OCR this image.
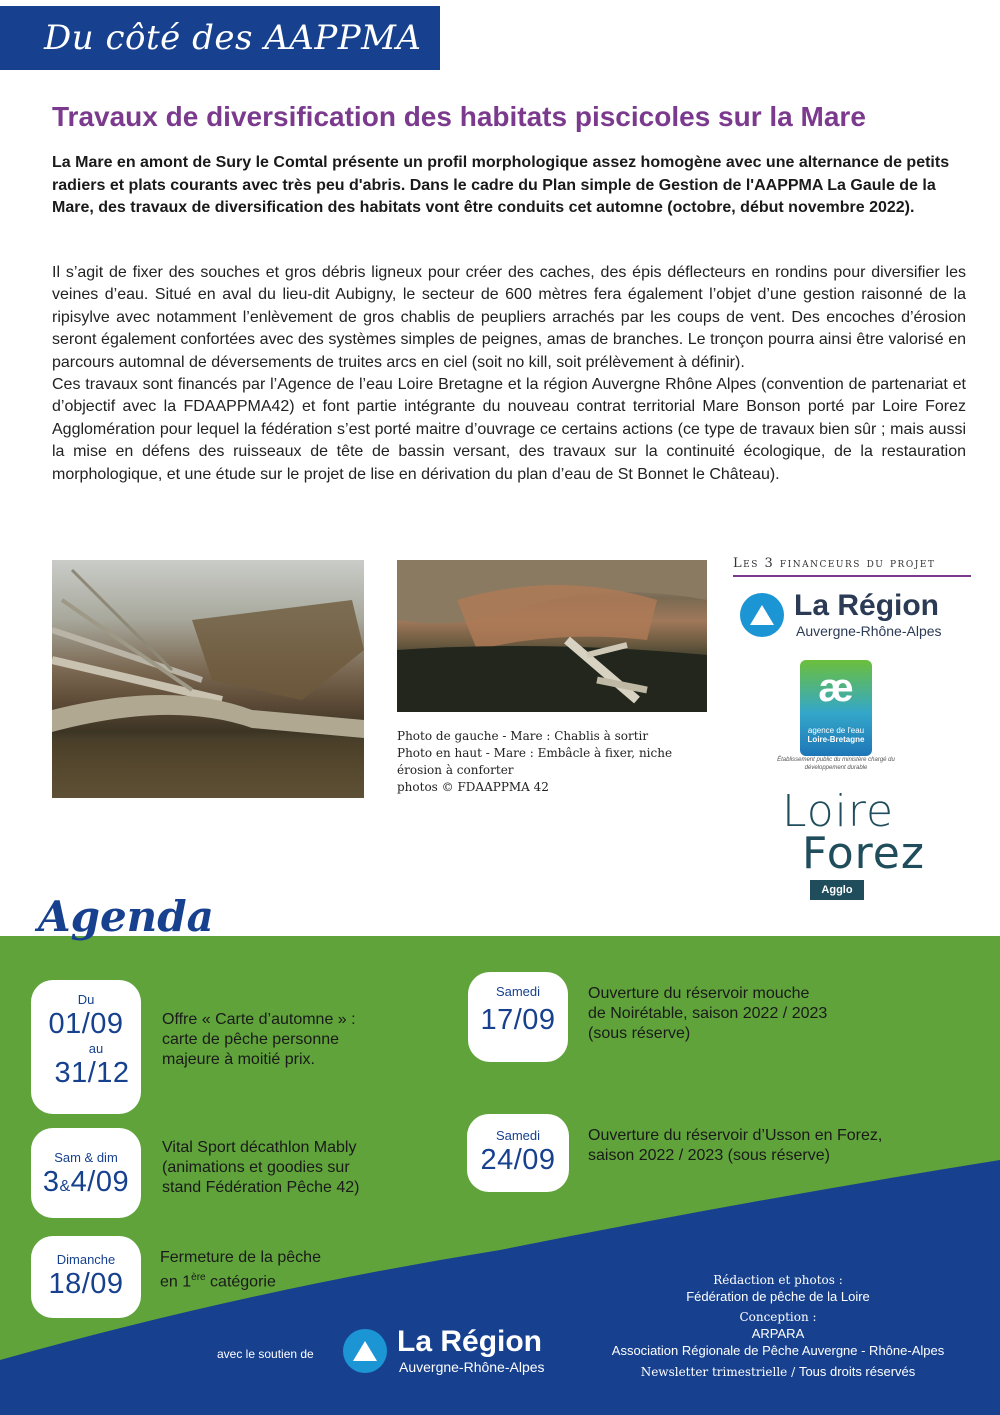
Du côté des AAPPMA
Travaux de diversification des habitats piscicoles sur la Mare

La Mare en amont de Sury le Comtal présente un profil morphologique assez homogène avec une alternance de petits radiers et plats courants avec très peu d'abris. Dans le cadre du Plan simple de Gestion de l'AAPPMA La Gaule de la Mare, des travaux de diversification des habitats vont être conduits cet automne (octobre, début novembre 2022).

Il s’agit de fixer des souches et gros débris ligneux pour créer des caches, des épis déflecteurs en rondins pour diversifier les veines d’eau. Situé en aval du lieu-dit Aubigny, le secteur de 600 mètres fera également l’objet d’une gestion raisonné de la ripisylve avec notamment l’enlèvement de gros chablis de peupliers arrachés par les coups de vent. Des encoches d’érosion seront également confortées avec des systèmes simples de peignes, amas de branches. Le tronçon pourra ainsi être valorisé en parcours automnal de déversements de truites arcs en ciel (soit no kill, soit prélèvement à définir).

Ces travaux sont financés par l’Agence de l’eau Loire Bretagne et la région Auvergne Rhône Alpes (convention de partenariat et d’objectif avec la FDAAPPMA42) et font partie intégrante du nouveau contrat territorial Mare Bonson porté par Loire Forez Agglomération pour lequel la fédération s’est porté maitre d’ouvrage ce certains actions (ce type de travaux bien sûr ; mais aussi la mise en défens des ruisseaux de tête de bassin versant, des travaux sur la continuité écologique, de la restauration morphologique, et une étude sur le projet de lise en dérivation du plan d’eau de St Bonnet le Château).

Photo de gauche - Mare : Chablis à sortir
Photo en haut - Mare : Embâcle à fixer, niche érosion à conforter
photos © FDAAPPMA 42
Les 3 financeurs du projet
La Région
Auvergne-Rhône-Alpes
æ
agence de l'eau
Loire-Bretagne
Établissement public du ministère chargé du développement durable
Loire
Forez
Agglo
Agenda
Du
01/09
au
31/12
Offre « Carte d’automne » :
carte de pêche personne
majeure à moitié prix.
Sam & dim
3&4/09
Vital Sport décathlon Mably
(animations et goodies sur
stand Fédération Pêche 42)
Dimanche
18/09
Fermeture de la pêche
en 1ère catégorie
Samedi
17/09
Ouverture du réservoir mouche
de Noirétable, saison 2022 / 2023
(sous réserve)
Samedi
24/09
Ouverture du réservoir d’Usson en Forez,
saison 2022 / 2023 (sous réserve)
avec le soutien de	La Région
Auvergne-Rhône-Alpes
Rédaction et photos :
Fédération de pêche de la Loire
Conception :
ARPARA
Association Régionale de Pêche Auvergne - Rhône-Alpes
Newsletter trimestrielle / Tous droits réservés
